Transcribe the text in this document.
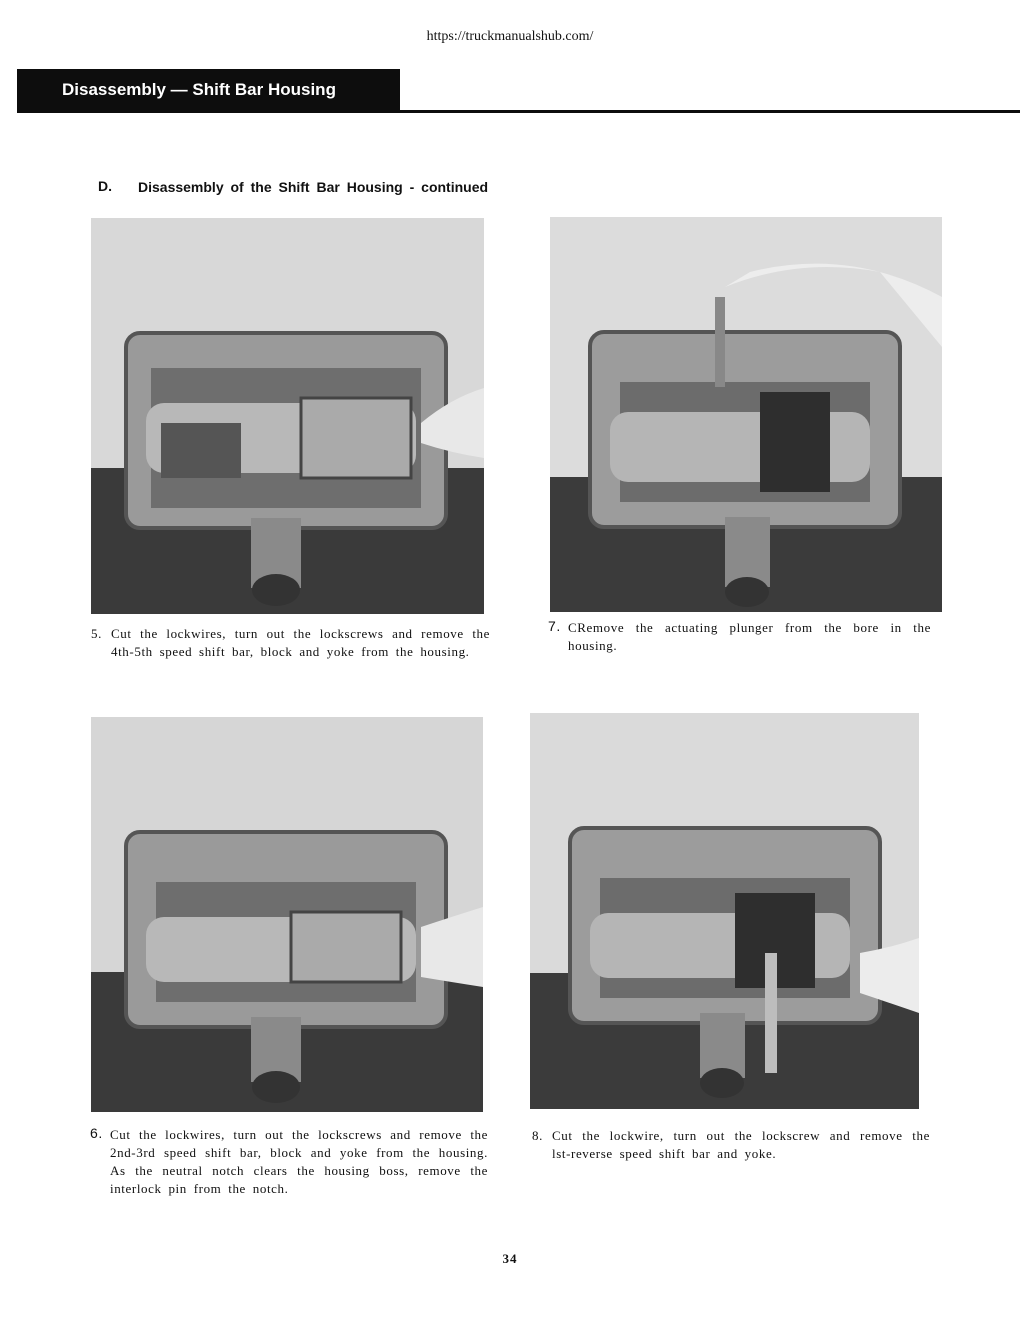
https://truckmanualshub.com/
Disassembly — Shift Bar Housing
D. Disassembly of the Shift Bar Housing - continued
5. Cut the lockwires, turn out the lockscrews and remove the 4th-5th speed shift bar, block and yoke from the housing.
7. CRemove the actuating plunger from the bore in the housing.
6. Cut the lockwires, turn out the lockscrews and remove the 2nd-3rd speed shift bar, block and yoke from the housing. As the neutral notch clears the housing boss, remove the interlock pin from the notch.
8. Cut the lockwire, turn out the lockscrew and remove the lst-reverse speed shift bar and yoke.
34
